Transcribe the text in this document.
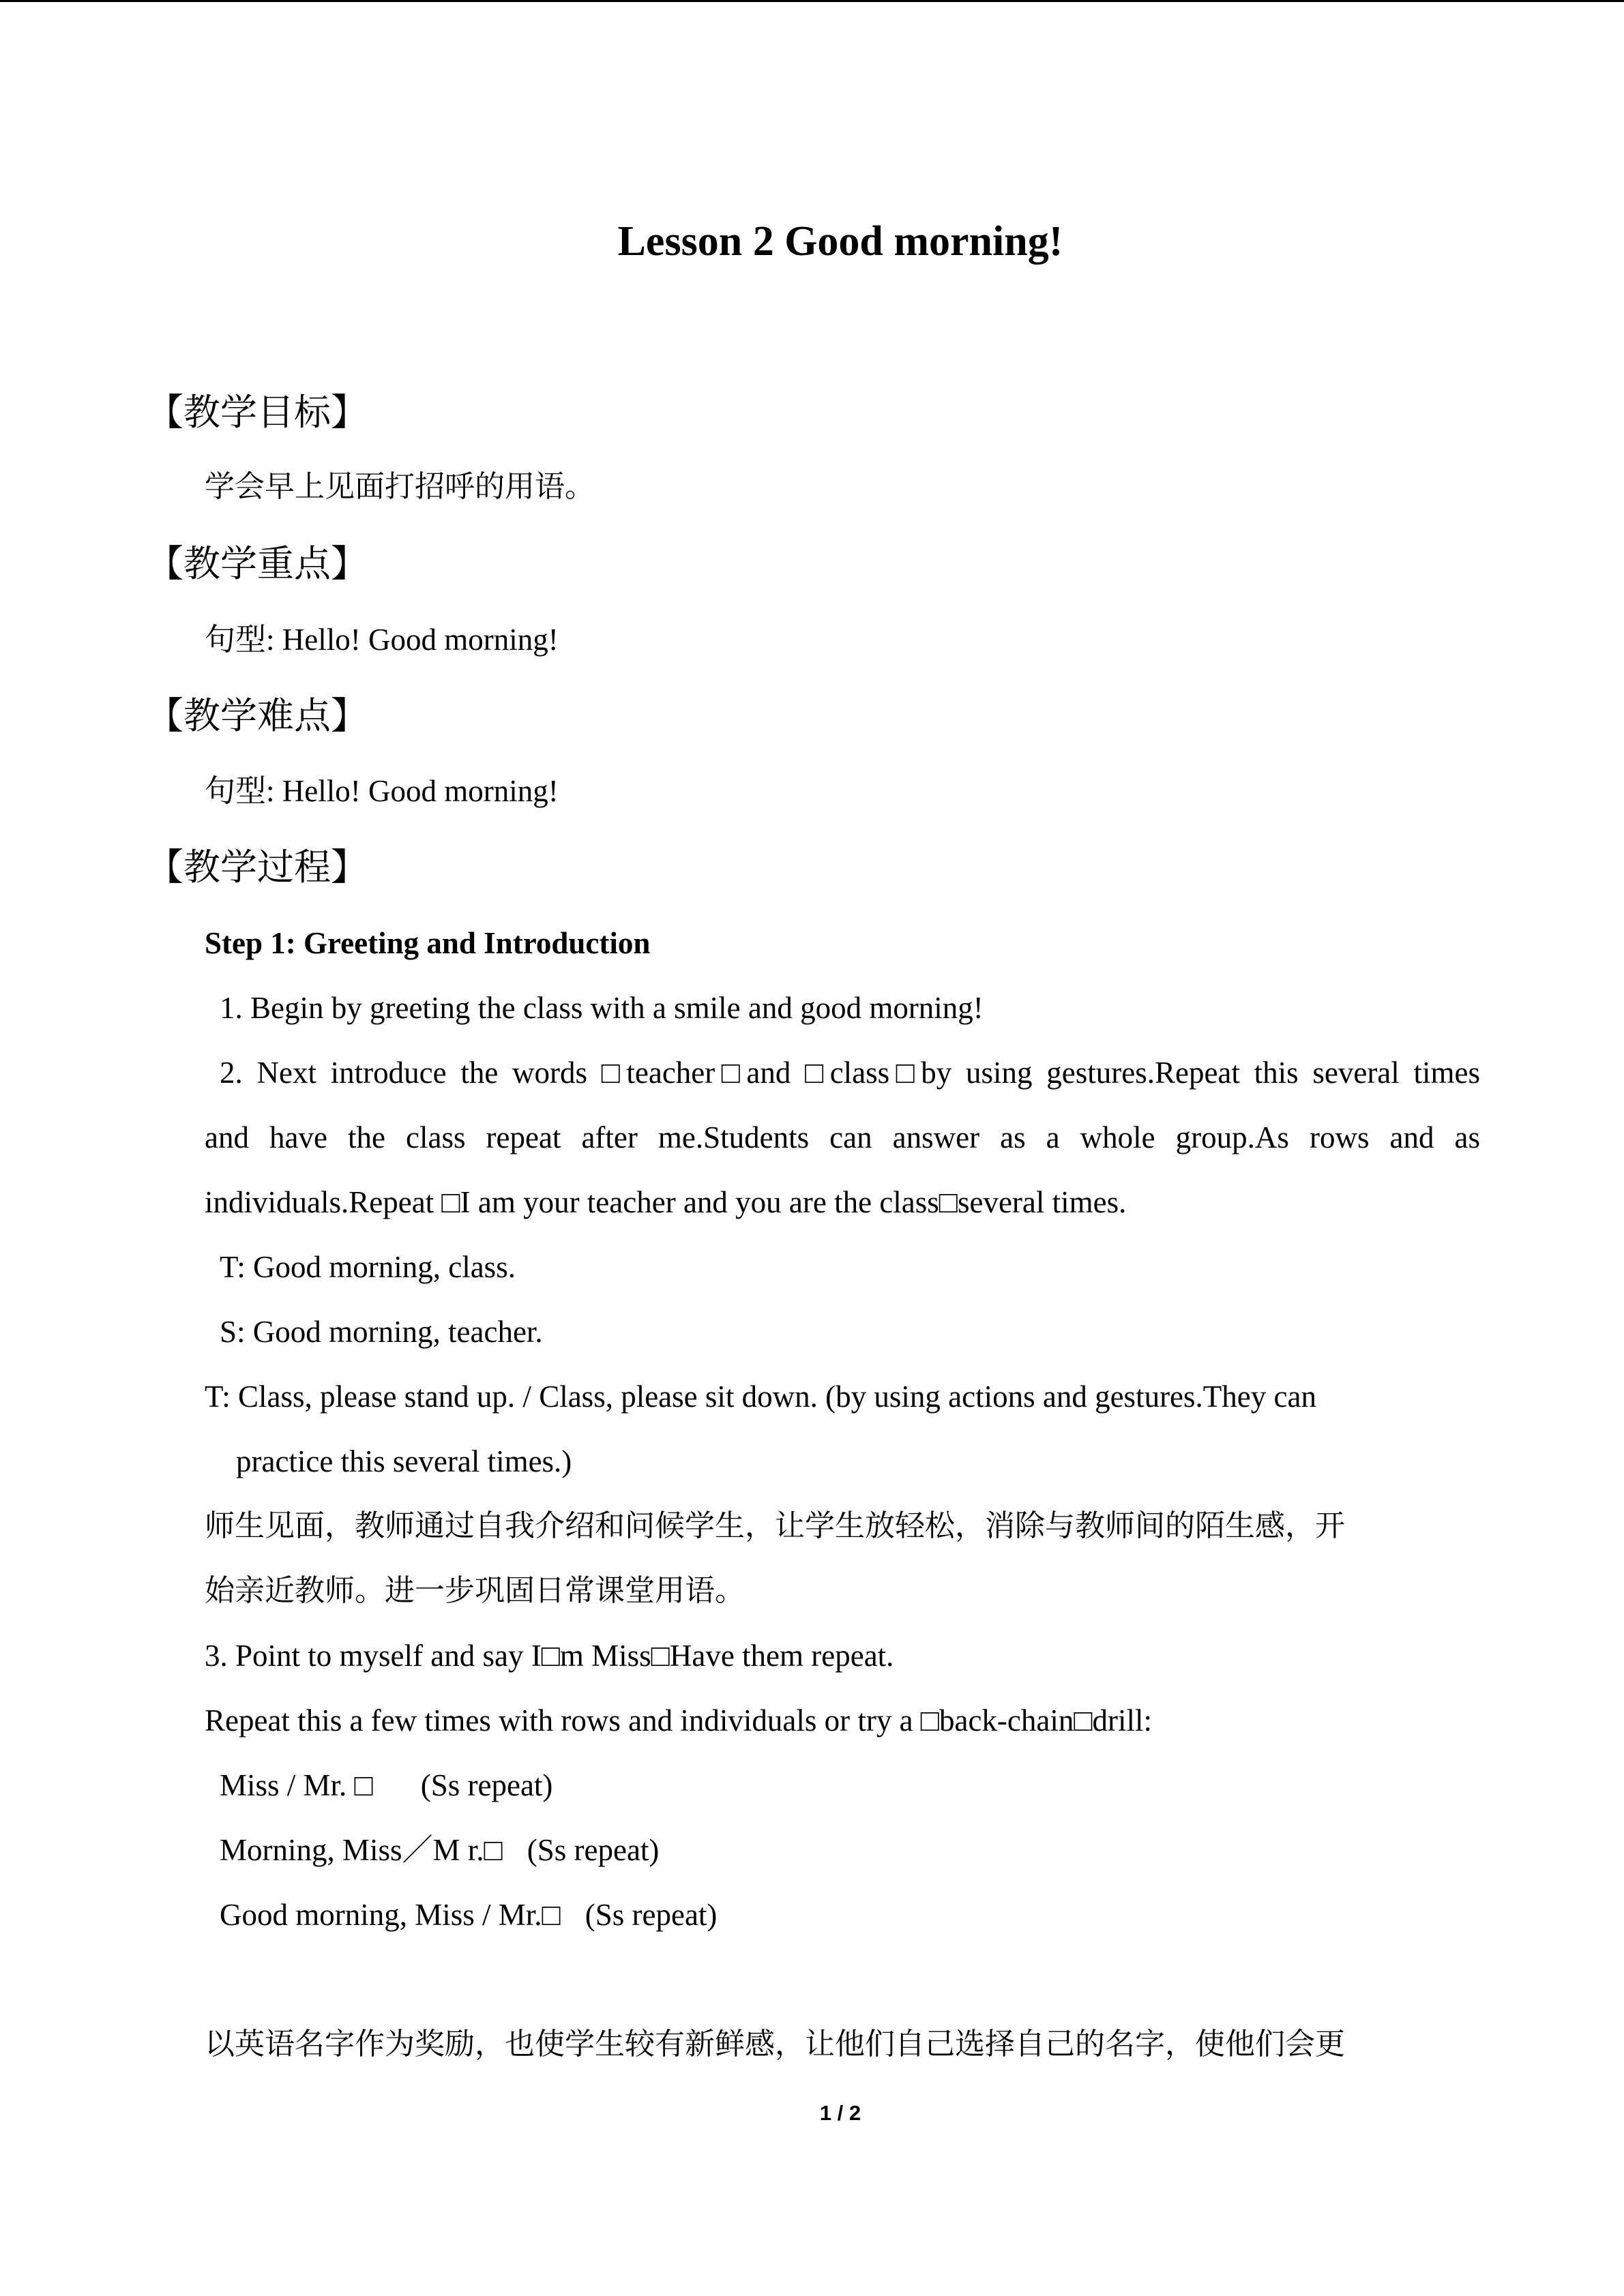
Lesson 2 Good morning!
【教学目标】
学会早上见面打招呼的用语。
【教学重点】
句型: Hello! Good morning!
【教学难点】
句型: Hello! Good morning!
【教学过程】
Step 1: Greeting and Introduction
1. Begin by greeting the class with a smile and good morning!
2. Next introduce the words □teacher□and □class□by using gestures.Repeat this several times
and have the class repeat after me.Students can answer as a whole group.As rows and as
individuals.Repeat □I am your teacher and you are the class□several times.
T: Good morning, class.
S: Good morning, teacher.
T: Class, please stand up. / Class, please sit down. (by using actions and gestures.They can
practice this several times.)
师生见面，教师通过自我介绍和问候学生，让学生放轻松，消除与教师间的陌生感，开
始亲近教师。进一步巩固日常课堂用语。
3. Point to myself and say I□m Miss□Have them repeat.
Repeat this a few times with rows and individuals or try a □back-chain□drill:
Miss / Mr. □ (Ss repeat)
Morning, Miss／M r.□ (Ss repeat)
Good morning, Miss / Mr.□ (Ss repeat)
以英语名字作为奖励，也使学生较有新鲜感，让他们自己选择自己的名字，使他们会更
1 / 2
